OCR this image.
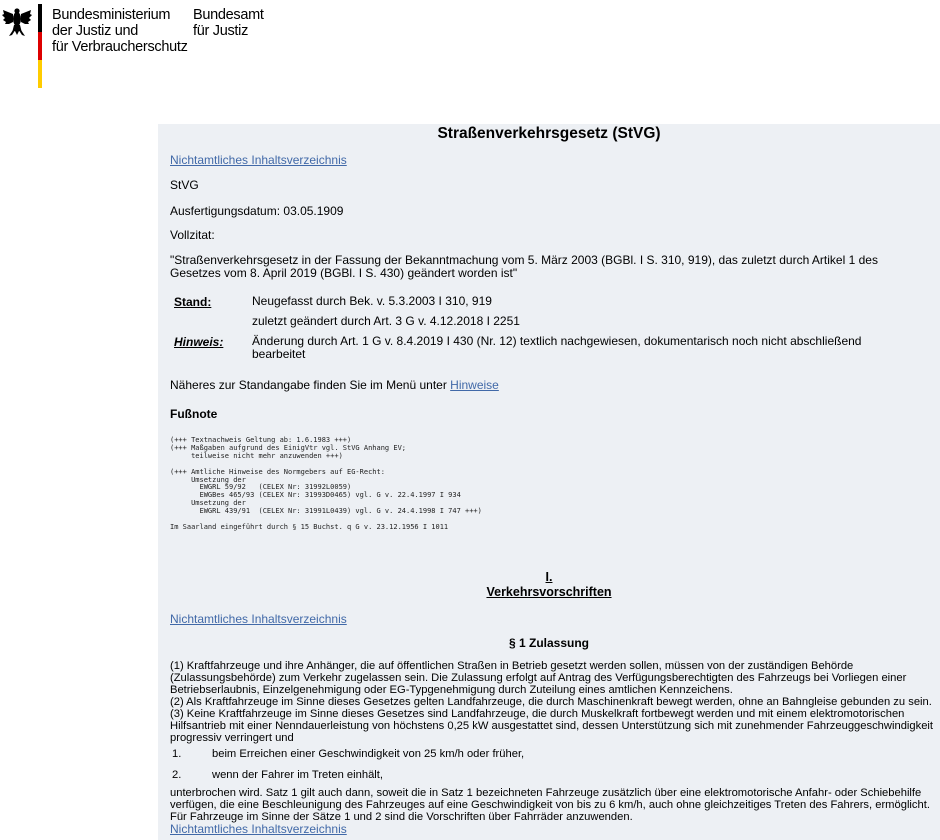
Bundesministerium
der Justiz und
für Verbraucherschutz
Bundesamt
für Justiz
Straßenverkehrsgesetz (StVG)
Nichtamtliches Inhaltsverzeichnis
StVG
Ausfertigungsdatum: 03.05.1909
Vollzitat:
"Straßenverkehrsgesetz in der Fassung der Bekanntmachung vom 5. März 2003 (BGBl. I S. 310, 919), das zuletzt durch Artikel 1 des Gesetzes vom 8. April 2019 (BGBl. I S. 430) geändert worden ist"
Stand:	Neugefasst durch Bek. v. 5.3.2003 I 310, 919
zuletzt geändert durch Art. 3 G v. 4.12.2018 I 2251
Hinweis:	Änderung durch Art. 1 G v. 8.4.2019 I 430 (Nr. 12) textlich nachgewiesen, dokumentarisch noch nicht abschließend bearbeitet
Näheres zur Standangabe finden Sie im Menü unter Hinweise
Fußnote
(+++ Textnachweis Geltung ab: 1.6.1983 +++)
(+++ Maßgaben aufgrund des EinigVtr vgl. StVG Anhang EV;
teilweise nicht mehr anzuwenden +++)

(+++ Amtliche Hinweise des Normgebers auf EG-Recht:
Umsetzung der
EWGRL 59/92   (CELEX Nr: 31992L0059)
EWGBes 465/93 (CELEX Nr: 31993D0465) vgl. G v. 22.4.1997 I 934
Umsetzung der
EWGRL 439/91  (CELEX Nr: 31991L0439) vgl. G v. 24.4.1998 I 747 +++)

Im Saarland eingeführt durch § 15 Buchst. q G v. 23.12.1956 I 1011
I.
Verkehrsvorschriften
Nichtamtliches Inhaltsverzeichnis
§ 1 Zulassung
(1) Kraftfahrzeuge und ihre Anhänger, die auf öffentlichen Straßen in Betrieb gesetzt werden sollen, müssen von der zuständigen Behörde (Zulassungsbehörde) zum Verkehr zugelassen sein. Die Zulassung erfolgt auf Antrag des Verfügungsberechtigten des Fahrzeugs bei Vorliegen einer Betriebserlaubnis, Einzelgenehmigung oder EG-Typgenehmigung durch Zuteilung eines amtlichen Kennzeichens.
(2) Als Kraftfahrzeuge im Sinne dieses Gesetzes gelten Landfahrzeuge, die durch Maschinenkraft bewegt werden, ohne an Bahngleise gebunden zu sein.
(3) Keine Kraftfahrzeuge im Sinne dieses Gesetzes sind Landfahrzeuge, die durch Muskelkraft fortbewegt werden und mit einem elektromotorischen Hilfsantrieb mit einer Nenndauerleistung von höchstens 0,25 kW ausgestattet sind, dessen Unterstützung sich mit zunehmender Fahrzeuggeschwindigkeit progressiv verringert und
1.	beim Erreichen einer Geschwindigkeit von 25 km/h oder früher,
2.	wenn der Fahrer im Treten einhält,
unterbrochen wird. Satz 1 gilt auch dann, soweit die in Satz 1 bezeichneten Fahrzeuge zusätzlich über eine elektromotorische Anfahr- oder Schiebehilfe verfügen, die eine Beschleunigung des Fahrzeuges auf eine Geschwindigkeit von bis zu 6 km/h, auch ohne gleichzeitiges Treten des Fahrers, ermöglicht. Für Fahrzeuge im Sinne der Sätze 1 und 2 sind die Vorschriften über Fahrräder anzuwenden.
Nichtamtliches Inhaltsverzeichnis
